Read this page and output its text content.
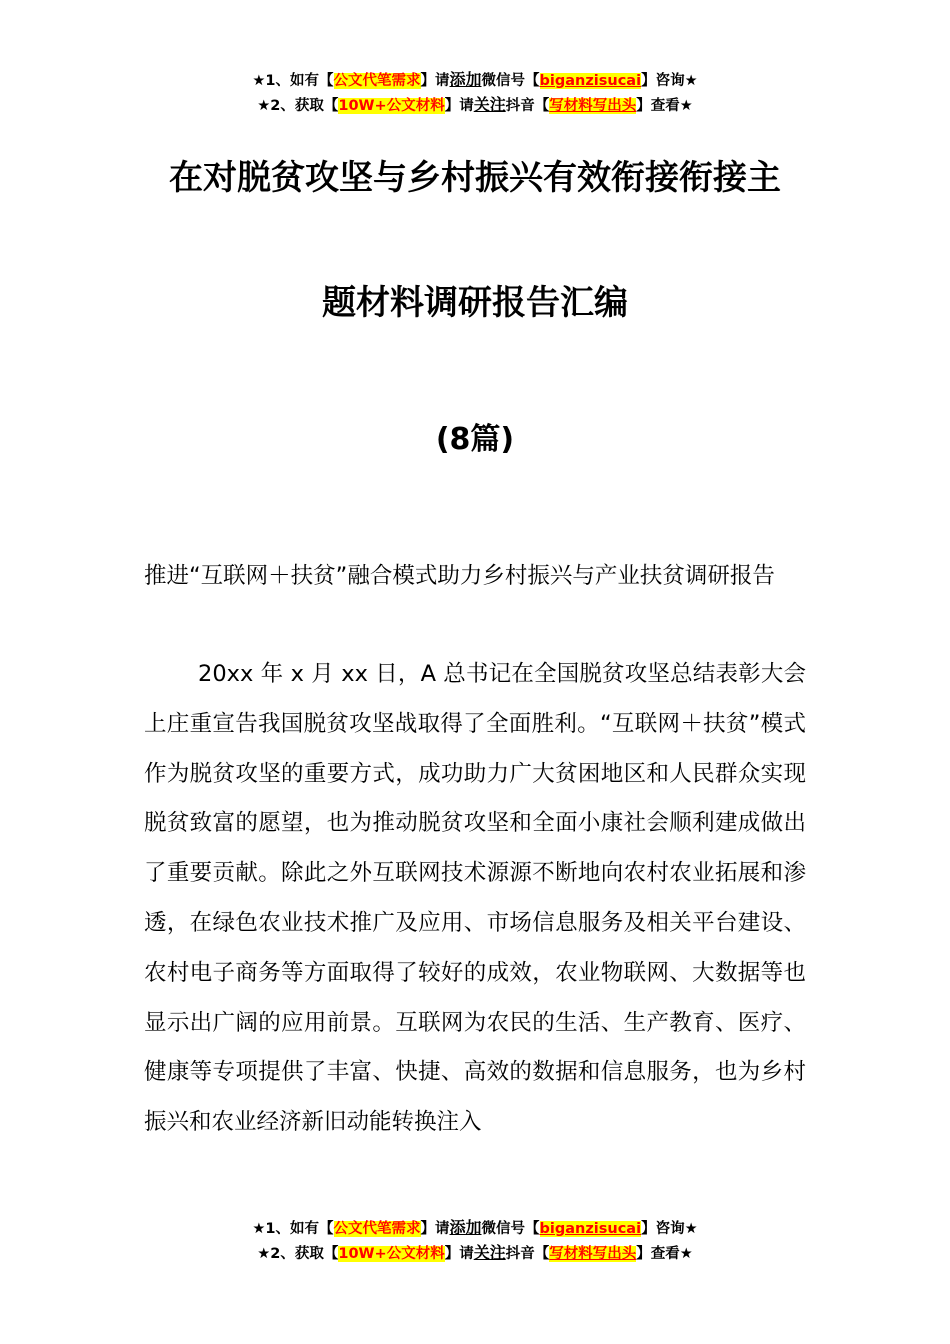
★1、如有【公文代笔需求】请添加微信号【biganzisucai】咨询★
★2、获取【10W+公文材料】请关注抖音【写材料写出头】查看★
在对脱贫攻坚与乡村振兴有效衔接衔接主
题材料调研报告汇编
(8篇)
推进“互联网＋扶贫”融合模式助力乡村振兴与产业扶贫调研报告
20xx 年 x 月 xx 日，A 总书记在全国脱贫攻坚总结表彰大会上庄重宣告我国脱贫攻坚战取得了全面胜利。“互联网＋扶贫”模式作为脱贫攻坚的重要方式，成功助力广大贫困地区和人民群众实现脱贫致富的愿望，也为推动脱贫攻坚和全面小康社会顺利建成做出了重要贡献。除此之外互联网技术源源不断地向农村农业拓展和渗透，在绿色农业技术推广及应用、市场信息服务及相关平台建设、农村电子商务等方面取得了较好的成效，农业物联网、大数据等也显示出广阔的应用前景。互联网为农民的生活、生产教育、医疗、健康等专项提供了丰富、快捷、高效的数据和信息服务，也为乡村振兴和农业经济新旧动能转换注入
★1、如有【公文代笔需求】请添加微信号【biganzisucai】咨询★
★2、获取【10W+公文材料】请关注抖音【写材料写出头】查看★
